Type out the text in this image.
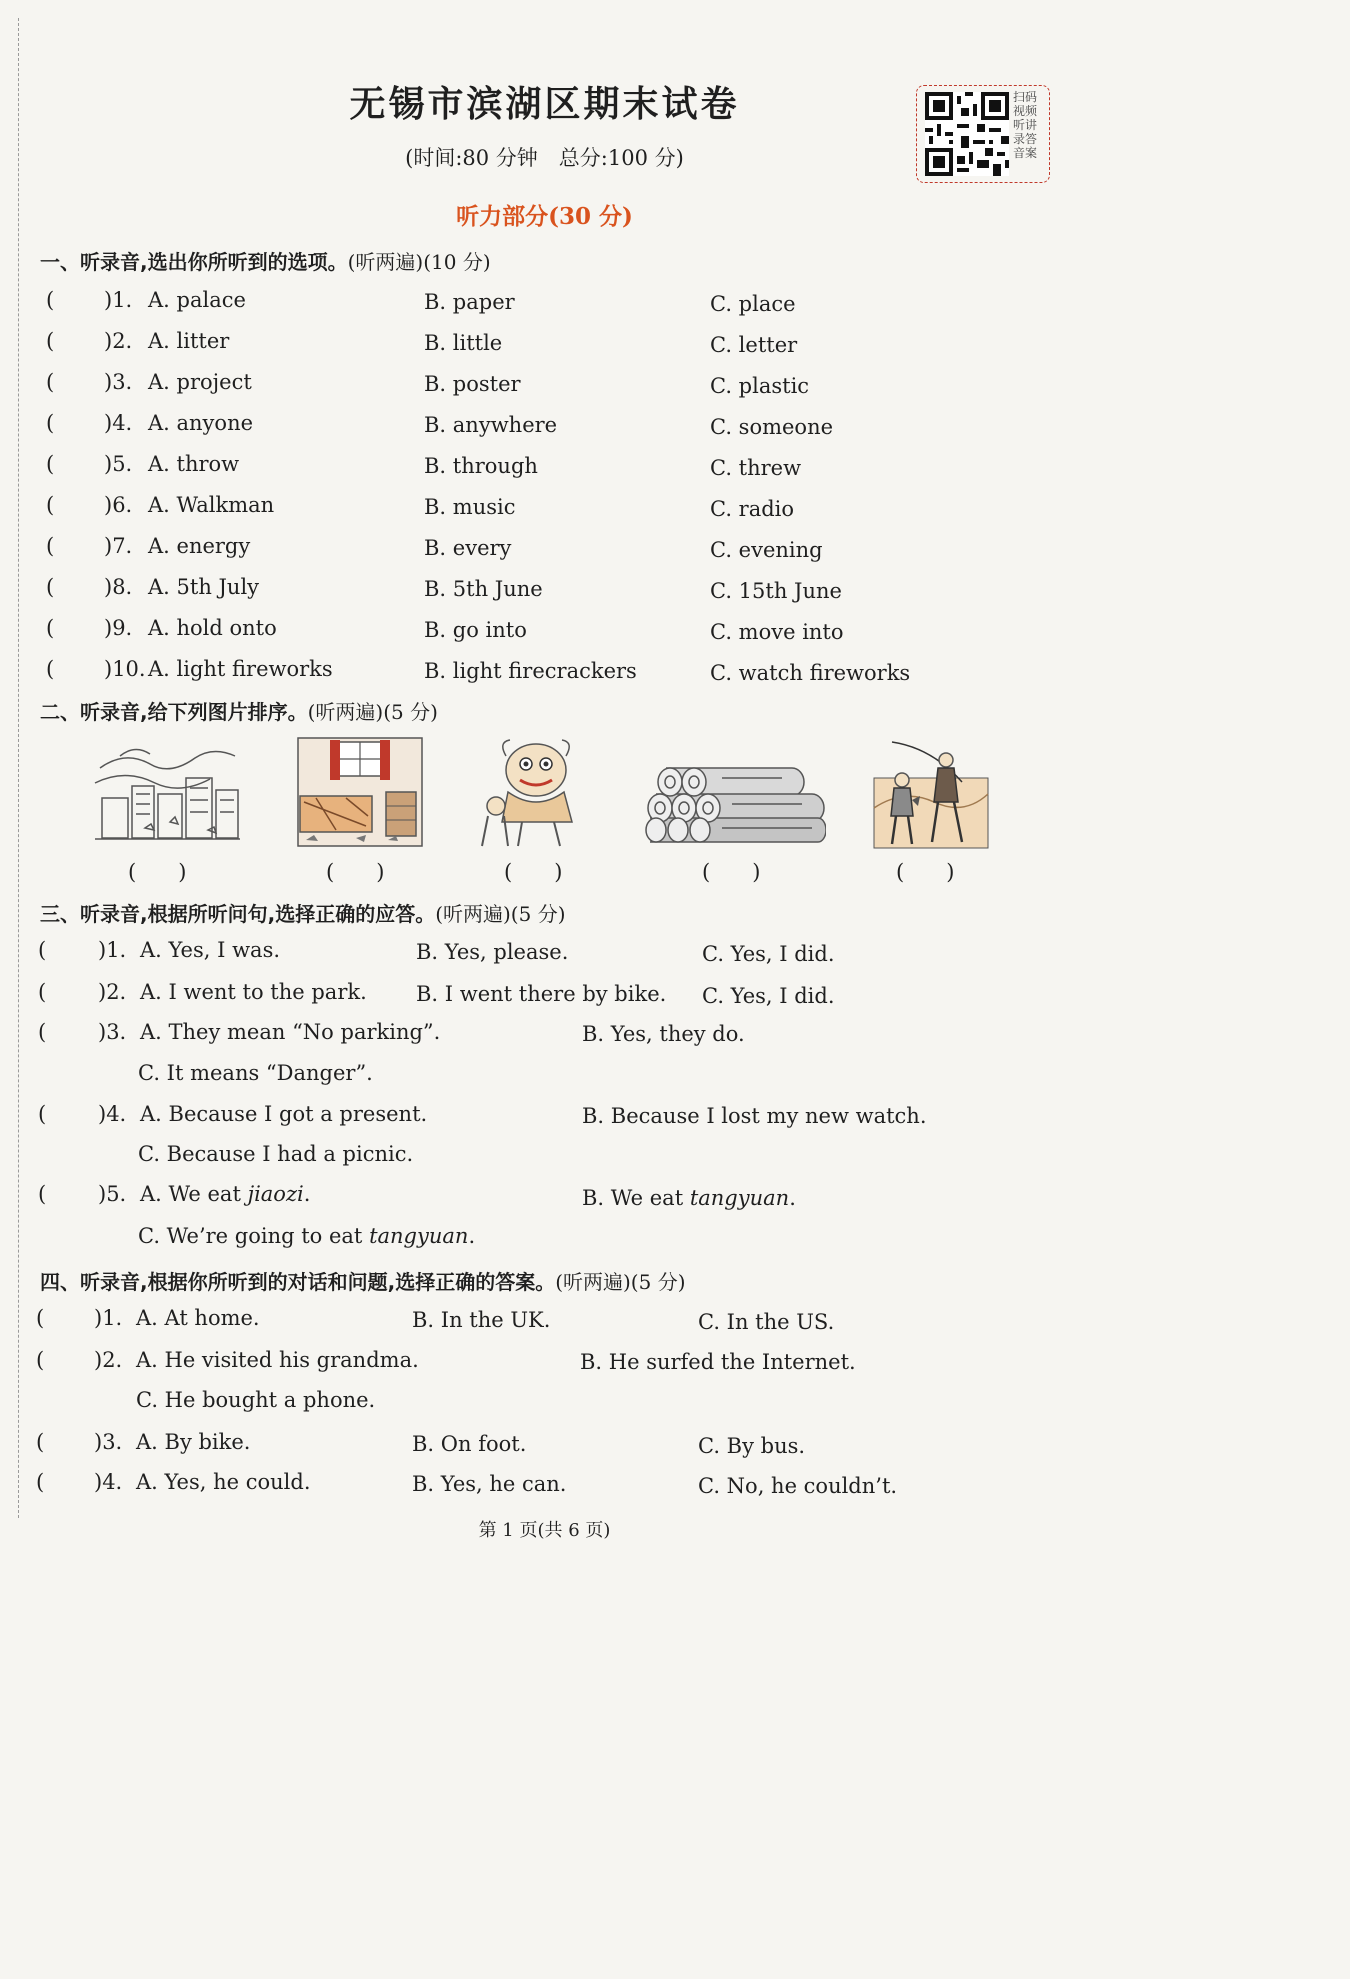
无锡市滨湖区期末试卷
(时间:80 分钟　总分:100 分)
扫码
视频
听讲
录答
音案
听力部分(30 分)
一、听录音,选出你所听到的选项。(听两遍)(10 分)
( )1. A. palace	B. paper	C. place
( )2. A. litter	B. little	C. letter
( )3. A. project	B. poster	C. plastic
( )4. A. anyone	B. anywhere	C. someone
( )5. A. throw	B. through	C. threw
( )6. A. Walkman	B. music	C. radio
( )7. A. energy	B. every	C. evening
( )8. A. 5th July	B. 5th June	C. 15th June
( )9. A. hold onto	B. go into	C. move into
( )10. A. light fireworks	B. light firecrackers	C. watch fireworks
二、听录音,给下列图片排序。(听两遍)(5 分)
(　　)	(　　)	(　　)	(　　)	(　　)
三、听录音,根据所听问句,选择正确的应答。(听两遍)(5 分)
( )1. A. Yes, I was.	B. Yes, please.	C. Yes, I did.
( )2. A. I went to the park. B. I went there by bike. C. Yes, I did.
( )3. A. They mean “No parking”.	B. Yes, they do.
C. It means “Danger”.
( )4. A. Because I got a present.	B. Because I lost my new watch.
C. Because I had a picnic.
( )5. A. We eat jiaozi.	B. We eat tangyuan.
C. We’re going to eat tangyuan.
四、听录音,根据你所听到的对话和问题,选择正确的答案。(听两遍)(5 分)
( )1. A. At home.	B. In the UK.	C. In the US.
( )2. A. He visited his grandma.	B. He surfed the Internet.
C. He bought a phone.
( )3. A. By bike.	B. On foot.	C. By bus.
( )4. A. Yes, he could.	B. Yes, he can.	C. No, he couldn’t.
第 1 页(共 6 页)
